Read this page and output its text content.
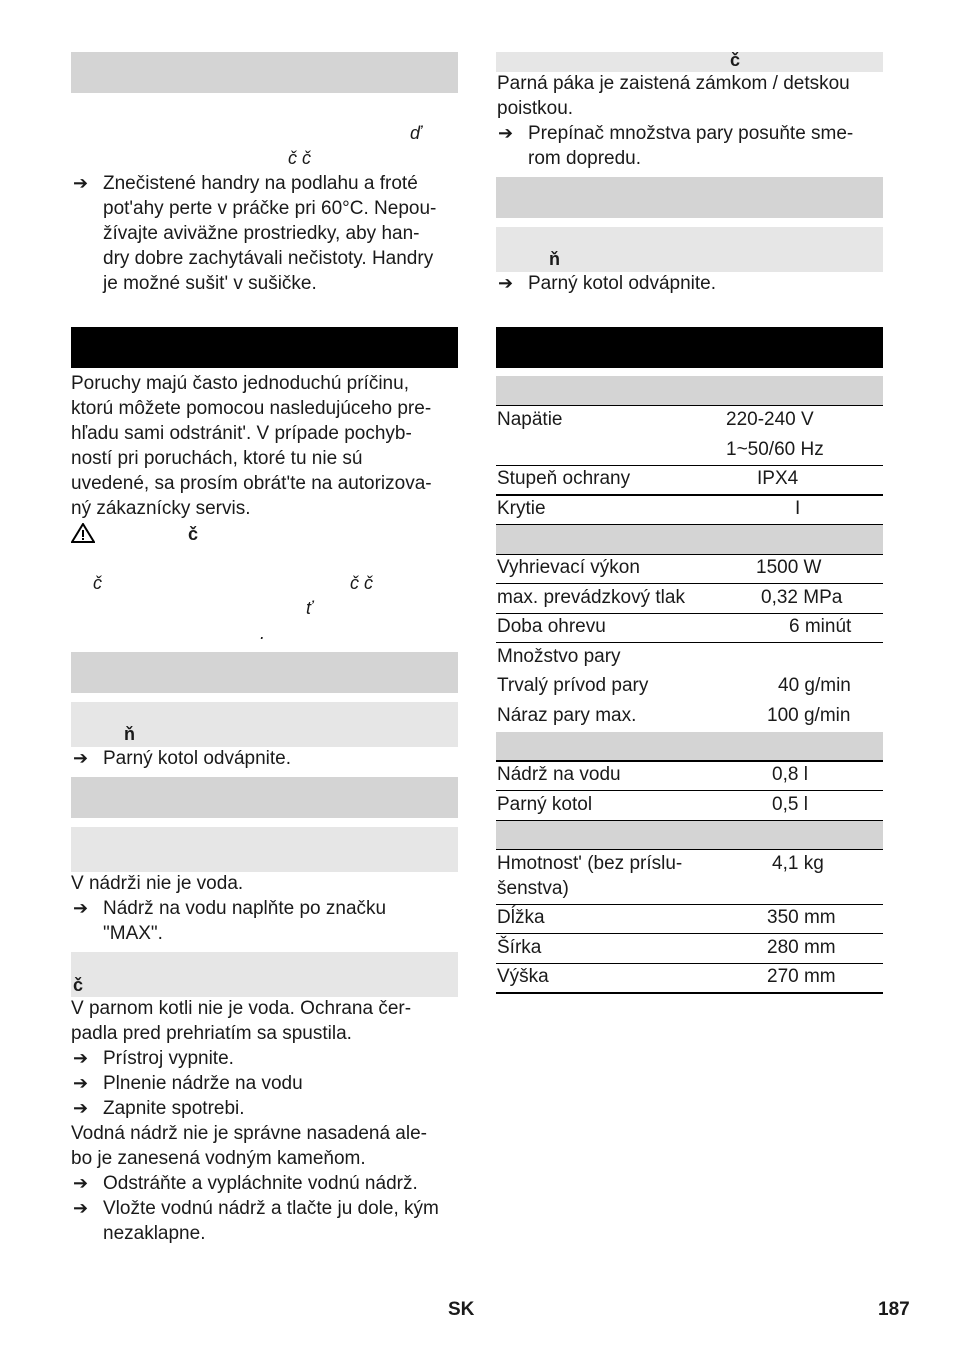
ď
č č
➔
Znečistené handry na podlahu a froté
pot'ahy perte v práčke pri 60°C. Nepou-
žívajte aviväžne prostriedky, aby han-
dry dobre zachytávali nečistoty. Handry
je možné sušit' v sušičke.
Poruchy majú často jednoduchú príčinu,
ktorú môžete pomocou nasledujúceho pre-
hľadu sami odstránit'. V prípade pochyb-
ností pri poruchách, ktoré tu nie sú
uvedené, sa prosím obrát'te na autorizova-
ný zákaznícky servis.
č
č	č č
ť
.
ň
➔
Parný kotol odvápnite.
V nádrži nie je voda.
➔
Nádrž na vodu naplňte po značku
"MAX".
č
V parnom kotli nie je voda. Ochrana čer-
padla pred prehriatím sa spustila.
➔
Prístroj vypnite.
➔
Plnenie nádrže na vodu
➔
Zapnite spotrebi.
Vodná nádrž nie je správne nasadená ale-
bo je zanesená vodným kameňom.
➔
Odstráňte a vypláchnite vodnú nádrž.
➔
Vložte vodnú nádrž a tlačte ju dole, kým
nezaklapne.
č
Parná páka je zaistená zámkom / detskou
poistkou.
➔
Prepínač množstva pary posuňte sme-
rom dopredu.
ň
➔
Parný kotol odvápnite.
Napätie	220-240 V
1~50/60 Hz
Stupeň ochrany	IPX4
Krytie	I
Vyhrievací výkon	1500 W
max. prevádzkový tlak	0,32 MPa
Doba ohrevu	6 minút
Množstvo pary
Trvalý prívod pary	40 g/min
Náraz pary max.	100 g/min
Nádrž na vodu	0,8 l
Parný kotol	0,5 l
Hmotnost' (bez príslu-	4,1 kg
šenstva)
Dĺžka	350 mm
Šírka	280 mm
Výška	270 mm
SK	187
